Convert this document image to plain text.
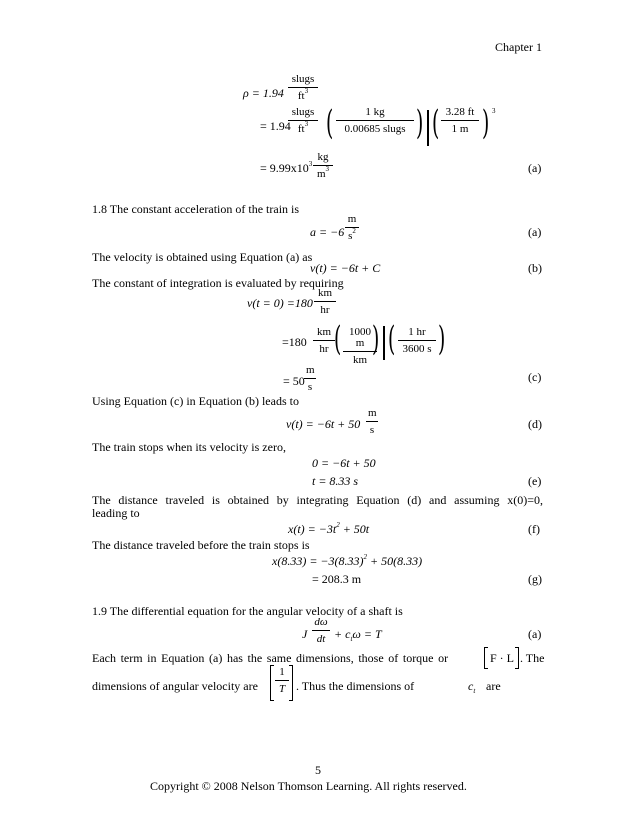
Chapter 1
ρ = 1.94
slugs
$ft^3$
= 1.94
slugs
$ft^3$ (	1 kg
0.00685 slugs ) ( 3.28 ft
1 m ) 3
= $9.99x10^3$
kg
$m^3$	(a)
1.8 The constant acceleration of the train is
a = −6
m
$s^2$	(a)
The velocity is obtained using Equation (a) as
v(t) = −6t + C	(b)
The constant of integration is evaluated by requiring
v(t = 0) =180
km
hr
=180
km
hr ( 1000 m
km
) (	1 hr
3600 s )
= 50
m
s
(c)
Using Equation (c) in Equation (b) leads to
v(t) = −6t + 50
m
s	(d)
The train stops when its velocity is zero,
0 = −6t + 50
t = 8.33 s	(e)
The distance traveled is obtained by integrating Equation (d) and assuming x(0)=0,
leading to
$x(t) = -3t^2 + 50t$	(f)
The distance traveled before the train stops is
$x(8.33) = -3(8.33)^2 + 50(8.33)$
= 208.3 m	(g)
1.9 The differential equation for the angular velocity of a shaft is
J
dω
dt + $c_t\omega = T$	(a)
Each term in Equation (a) has the same dimensions, those of torque or	F · L . The
dimensions of angular velocity are
1
T . Thus the dimensions of	$c_t$ are
5
Copyright © 2008 Nelson Thomson Learning. All rights reserved.
